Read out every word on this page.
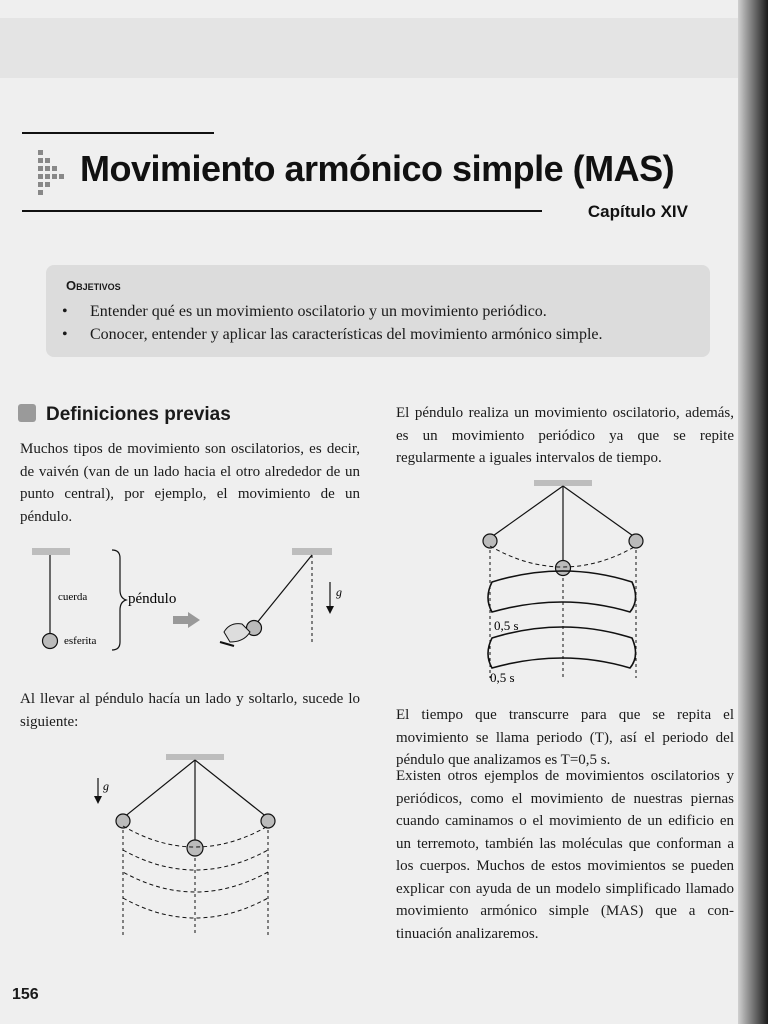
Movimiento armónico simple (MAS)
Capítulo XIV
Objetivos
• Entender qué es un movimiento oscilatorio y un movimiento periódico.
• Conocer, entender y aplicar las características del movimiento armónico simple.
Definiciones previas
Muchos tipos de movimiento son oscilatorios, es decir, de vaivén (van de un lado hacia el otro alrededor de un punto central), por ejemplo, el movimiento de un péndulo.
cuerda
esferita
péndulo	g
Al llevar al péndulo hacía un lado y soltarlo, sucede lo siguiente:
g
El péndulo realiza un movimiento oscilatorio, además, es un movimiento periódico ya que se repite regularmente a iguales intervalos de tiempo.
0,5 s
0,5 s
El tiempo que transcurre para que se repita el movimiento se llama periodo (T), así el periodo del péndulo que analizamos es T=0,5 s.
Existen otros ejemplos de movimientos oscilatorios y periódicos, como el movimiento de nuestras piernas cuando caminamos o el movimiento de un edificio en un terremoto, también las moléculas que conforman a los cuerpos. Muchos de estos movimientos se pueden explicar con ayuda de un modelo simplificado llamado movimiento armónico simple (MAS) que a continuación analizaremos.
156
